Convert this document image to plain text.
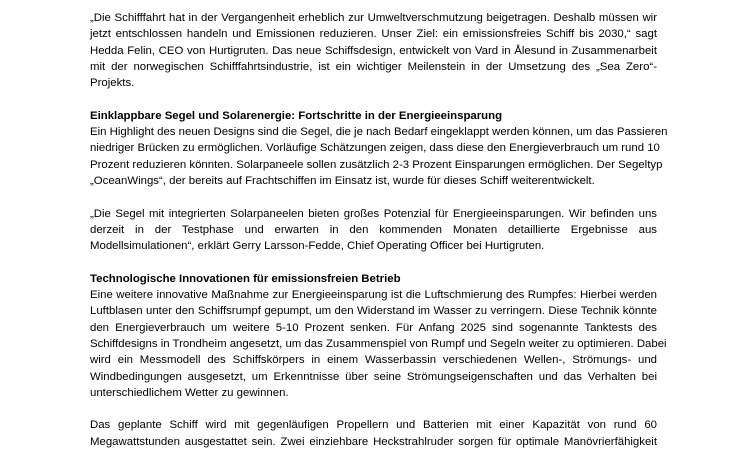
„Die Schifffahrt hat in der Vergangenheit erheblich zur Umweltverschmutzung beigetragen. Deshalb müssen wir
jetzt entschlossen handeln und Emissionen reduzieren. Unser Ziel: ein emissionsfreies Schiff bis 2030,“ sagt
Hedda Felin, CEO von Hurtigruten. Das neue Schiffsdesign, entwickelt von Vard in Ålesund in Zusammenarbeit
mit der norwegischen Schifffahrtsindustrie, ist ein wichtiger Meilenstein in der Umsetzung des „Sea Zero“-
Projekts.

Einklappbare Segel und Solarenergie: Fortschritte in der Energieeinsparung

Ein Highlight des neuen Designs sind die Segel, die je nach Bedarf eingeklappt werden können, um das Passieren
niedriger Brücken zu ermöglichen. Vorläufige Schätzungen zeigen, dass diese den Energieverbrauch um rund 10
Prozent reduzieren könnten. Solarpaneele sollen zusätzlich 2-3 Prozent Einsparungen ermöglichen. Der Segeltyp
„OceanWings“, der bereits auf Frachtschiffen im Einsatz ist, wurde für dieses Schiff weiterentwickelt.

„Die Segel mit integrierten Solarpaneelen bieten großes Potenzial für Energieeinsparungen. Wir befinden uns
derzeit in der Testphase und erwarten in den kommenden Monaten detaillierte Ergebnisse aus
Modellsimulationen“, erklärt Gerry Larsson-Fedde, Chief Operating Officer bei Hurtigruten.

Technologische Innovationen für emissionsfreien Betrieb

Eine weitere innovative Maßnahme zur Energieeinsparung ist die Luftschmierung des Rumpfes: Hierbei werden
Luftblasen unter den Schiffsrumpf gepumpt, um den Widerstand im Wasser zu verringern. Diese Technik könnte
den Energieverbrauch um weitere 5-10 Prozent senken. Für Anfang 2025 sind sogenannte Tanktests des
Schiffdesigns in Trondheim angesetzt, um das Zusammenspiel von Rumpf und Segeln weiter zu optimieren. Dabei
wird ein Messmodell des Schiffskörpers in einem Wasserbassin verschiedenen Wellen-, Strömungs- und
Windbedingungen ausgesetzt, um Erkenntnisse über seine Strömungseigenschaften und das Verhalten bei
unterschiedlichem Wetter zu gewinnen.

Das geplante Schiff wird mit gegenläufigen Propellern und Batterien mit einer Kapazität von rund 60
Megawattstunden ausgestattet sein. Zwei einziehbare Heckstrahlruder sorgen für optimale Manövrierfähigkeit
